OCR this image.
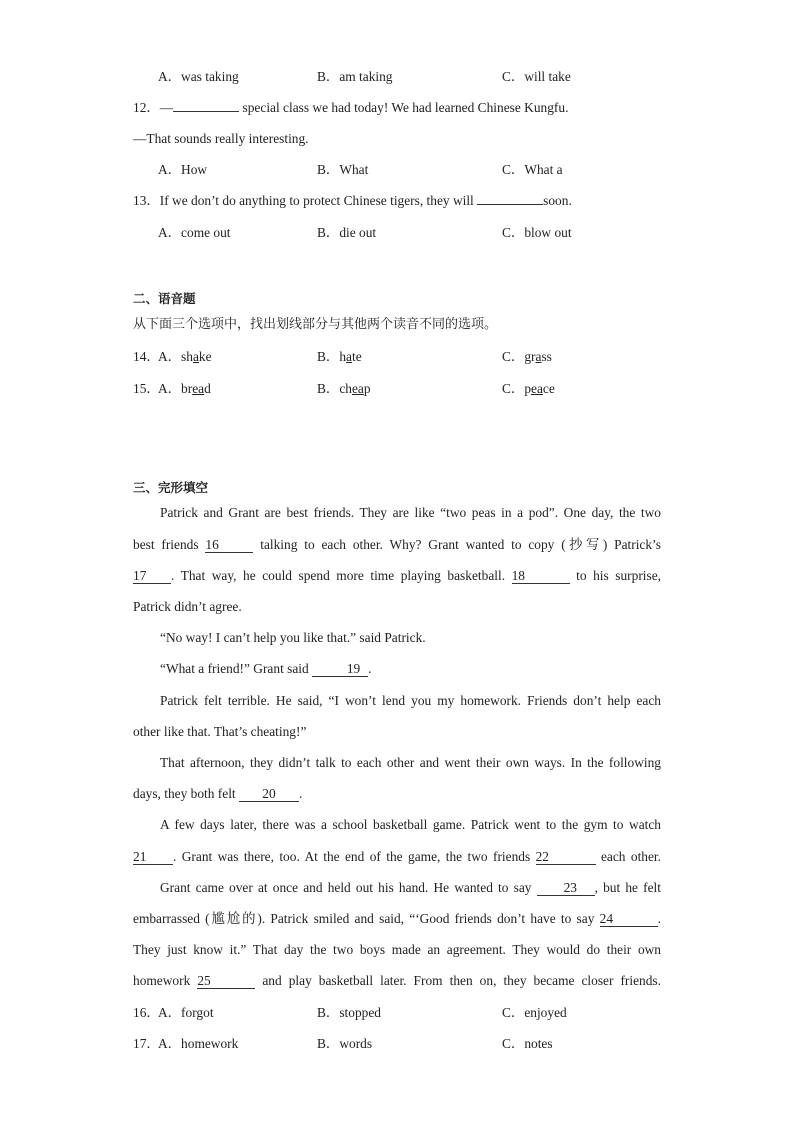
A．was taking	B．am taking	C．will take
12．—	special class we had today! We had learned Chinese Kungfu.
—That sounds really interesting.
A．How	B．What	C．What a
13．If we don’t do anything to protect Chinese tigers, they will	soon.
A．come out	B．die out	C．blow out
二、语音题
从下面三个选项中，找出划线部分与其他两个读音不同的选项。
14．
A．shake	B．hate	C．grass
15．
A．bread	B．cheap	C．peace
三、完形填空
Patrick and Grant are best friends. They are like “two peas in a pod”. One day, the two
best friends 16	talking to each other. Why? Grant wanted to copy (抄写) Patrick’s
17 . That way, he could spend more time playing basketball. 18	to his surprise,
Patrick didn’t agree.
“No way! I can’t help you like that.” said Patrick.
“What a friend!” Grant said	19 .
Patrick felt terrible. He said, “I won’t lend you my homework. Friends don’t help each
other like that. That’s cheating!”
That afternoon, they didn’t talk to each other and went their own ways. In the following
days, they both felt 20 .
A few days later, there was a school basketball game. Patrick went to the gym to watch
21 . Grant was there, too. At the end of the game, the two friends 22	each other.
Grant came over at once and held out his hand. He wanted to say 23 , but he felt
embarrassed (尴尬的). Patrick smiled and said, “‘Good friends don’t have to say 24	.
They just know it.” That day the two boys made an agreement. They would do their own
homework 25	and play basketball later. From then on, they became closer friends.
16．
A．forgot	B．stopped	C．enjoyed
17．
A．homework	B．words	C．notes
